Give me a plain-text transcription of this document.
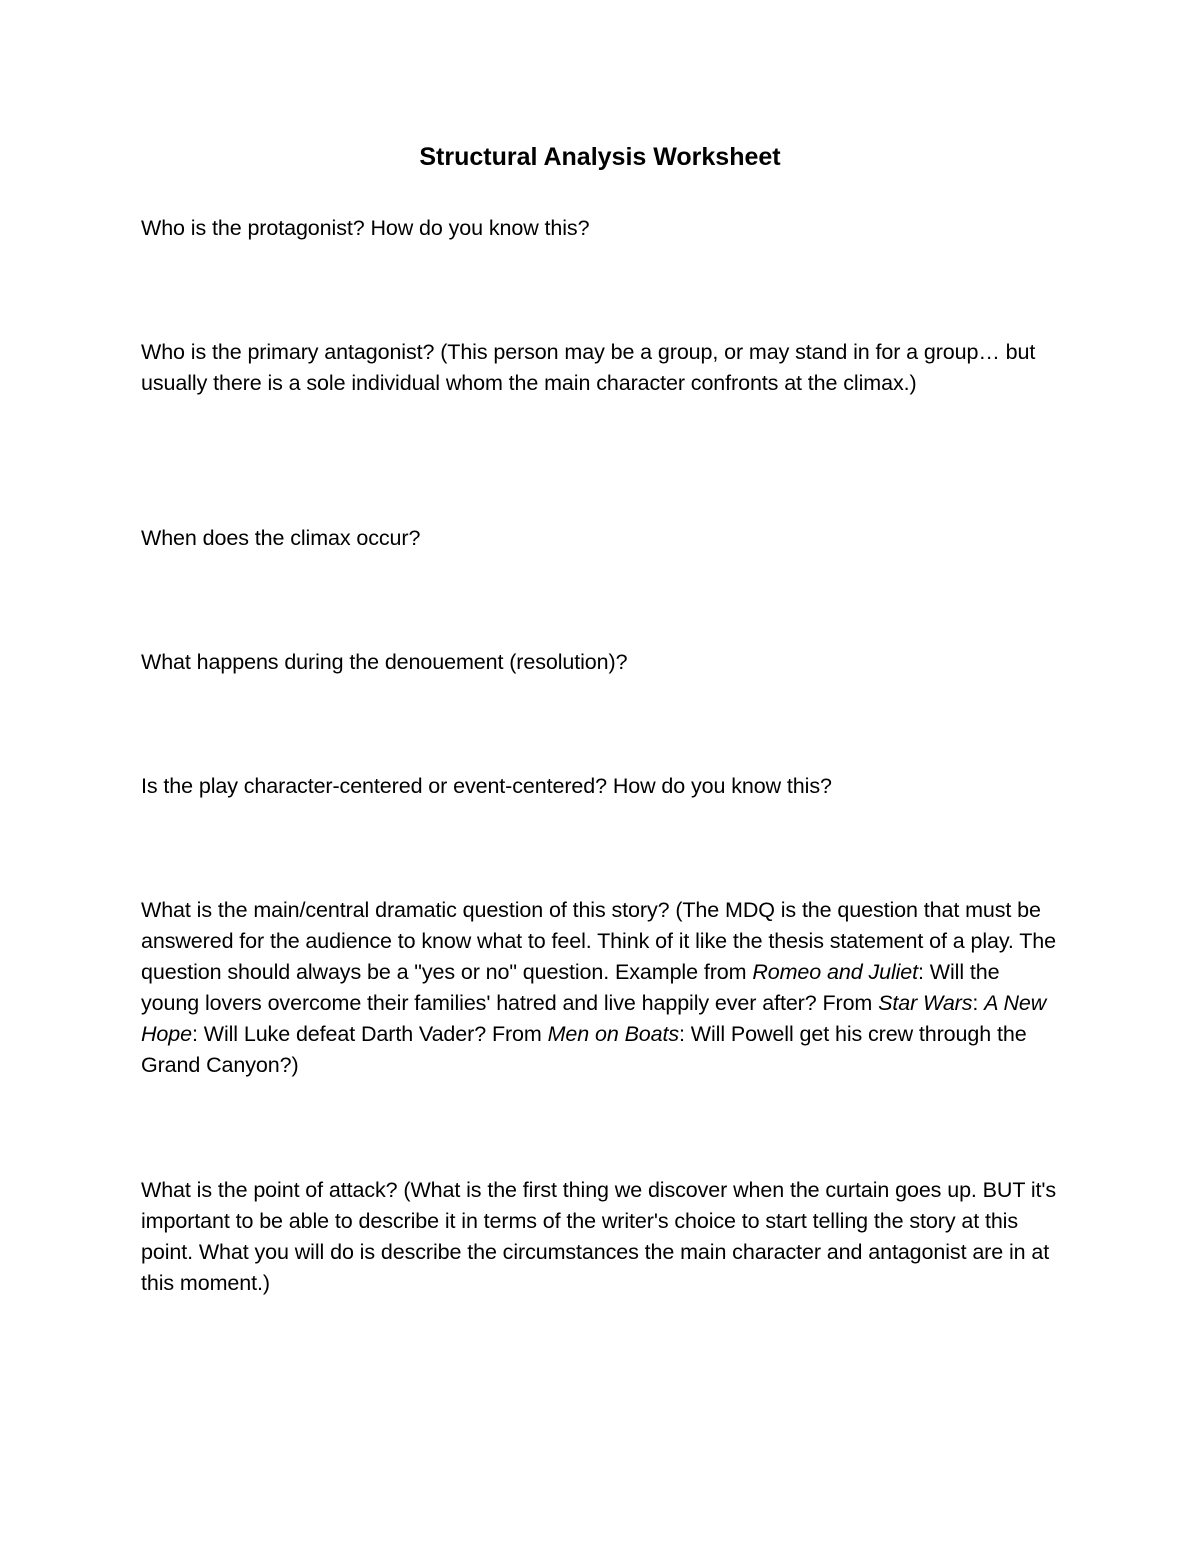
Structural Analysis Worksheet

Who is the protagonist? How do you know this?

Who is the primary antagonist? (This person may be a group, or may stand in for a group… but usually there is a sole individual whom the main character confronts at the climax.)

When does the climax occur?

What happens during the denouement (resolution)?

Is the play character-centered or event-centered? How do you know this?

What is the main/central dramatic question of this story? (The MDQ is the question that must be answered for the audience to know what to feel. Think of it like the thesis statement of a play. The question should always be a "yes or no" question. Example from Romeo and Juliet: Will the young lovers overcome their families' hatred and live happily ever after? From Star Wars: A New Hope: Will Luke defeat Darth Vader? From Men on Boats: Will Powell get his crew through the Grand Canyon?)

What is the point of attack? (What is the first thing we discover when the curtain goes up. BUT it's important to be able to describe it in terms of the writer's choice to start telling the story at this point. What you will do is describe the circumstances the main character and antagonist are in at this moment.)
